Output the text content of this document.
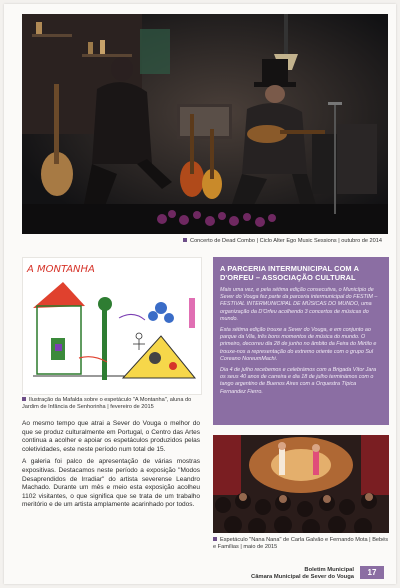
Concerto de Dead Combo | Ciclo Alter Ego Music Sessions | outubro de 2014
A MONTANHA
Ilustração da Mafalda sobre o espetáculo "A Montanha", aluna do Jardim de Infância de Senhorinha | fevereiro de 2015
A PARCERIA INTERMUNICIPAL COM A D'ORFEU – ASSOCIAÇÃO CULTURAL

Mais uma vez, e pela sétima edição consecutiva, o Município de Sever do Vouga fez parte da parceria intermunicipal do FESTIM – FESTIVAL INTERMUNICIPAL DE MÚSICAS DO MUNDO, uma organização da D'Orfeu acolhendo 3 concertos de músicas do mundo.

Esta sétima edição trouxe a Sever do Vouga, e em conjunto ao parque da Vila, três bons momentos de música do mundo. O primeiro, decorreu dia 28 de junho no âmbito da Feira do Mirtilo e trouxe-nos a representação do extremo oriente com o grupo Sul Coreano NoreumMachi.

Dia 4 de julho recebemos e celebrámos com a Brigada Vítor Jara os seus 40 anos de carreira e dia 18 de julho terminámos com o tango argentino de Buenos Aires com a Orquestra Típica Fernandez Fierro.

Ao mesmo tempo que atrai a Sever do Vouga o melhor do que se produz culturalmente em Portugal, o Centro das Artes continua a acolher e apoiar os espetáculos produzidos pelas coletividades, este neste período num total de 15.

A galeria foi palco de apresentação de várias mostras expositivas. Destacamos neste período a exposição "Modos Desaprendidos de Irradiar" do artista severense Leandro Machado. Durante um mês e meio esta exposição acolheu 1102 visitantes, o que significa que se trata de um trabalho meritório e de um artista amplamente acarinhado por todos.

Espetáculo "Nana Nana" de Carla Galvão e Fernando Mota | Bebés e Famílias | maio de 2015
Boletim Municipal
Câmara Municipal de Sever do Vouga	17
